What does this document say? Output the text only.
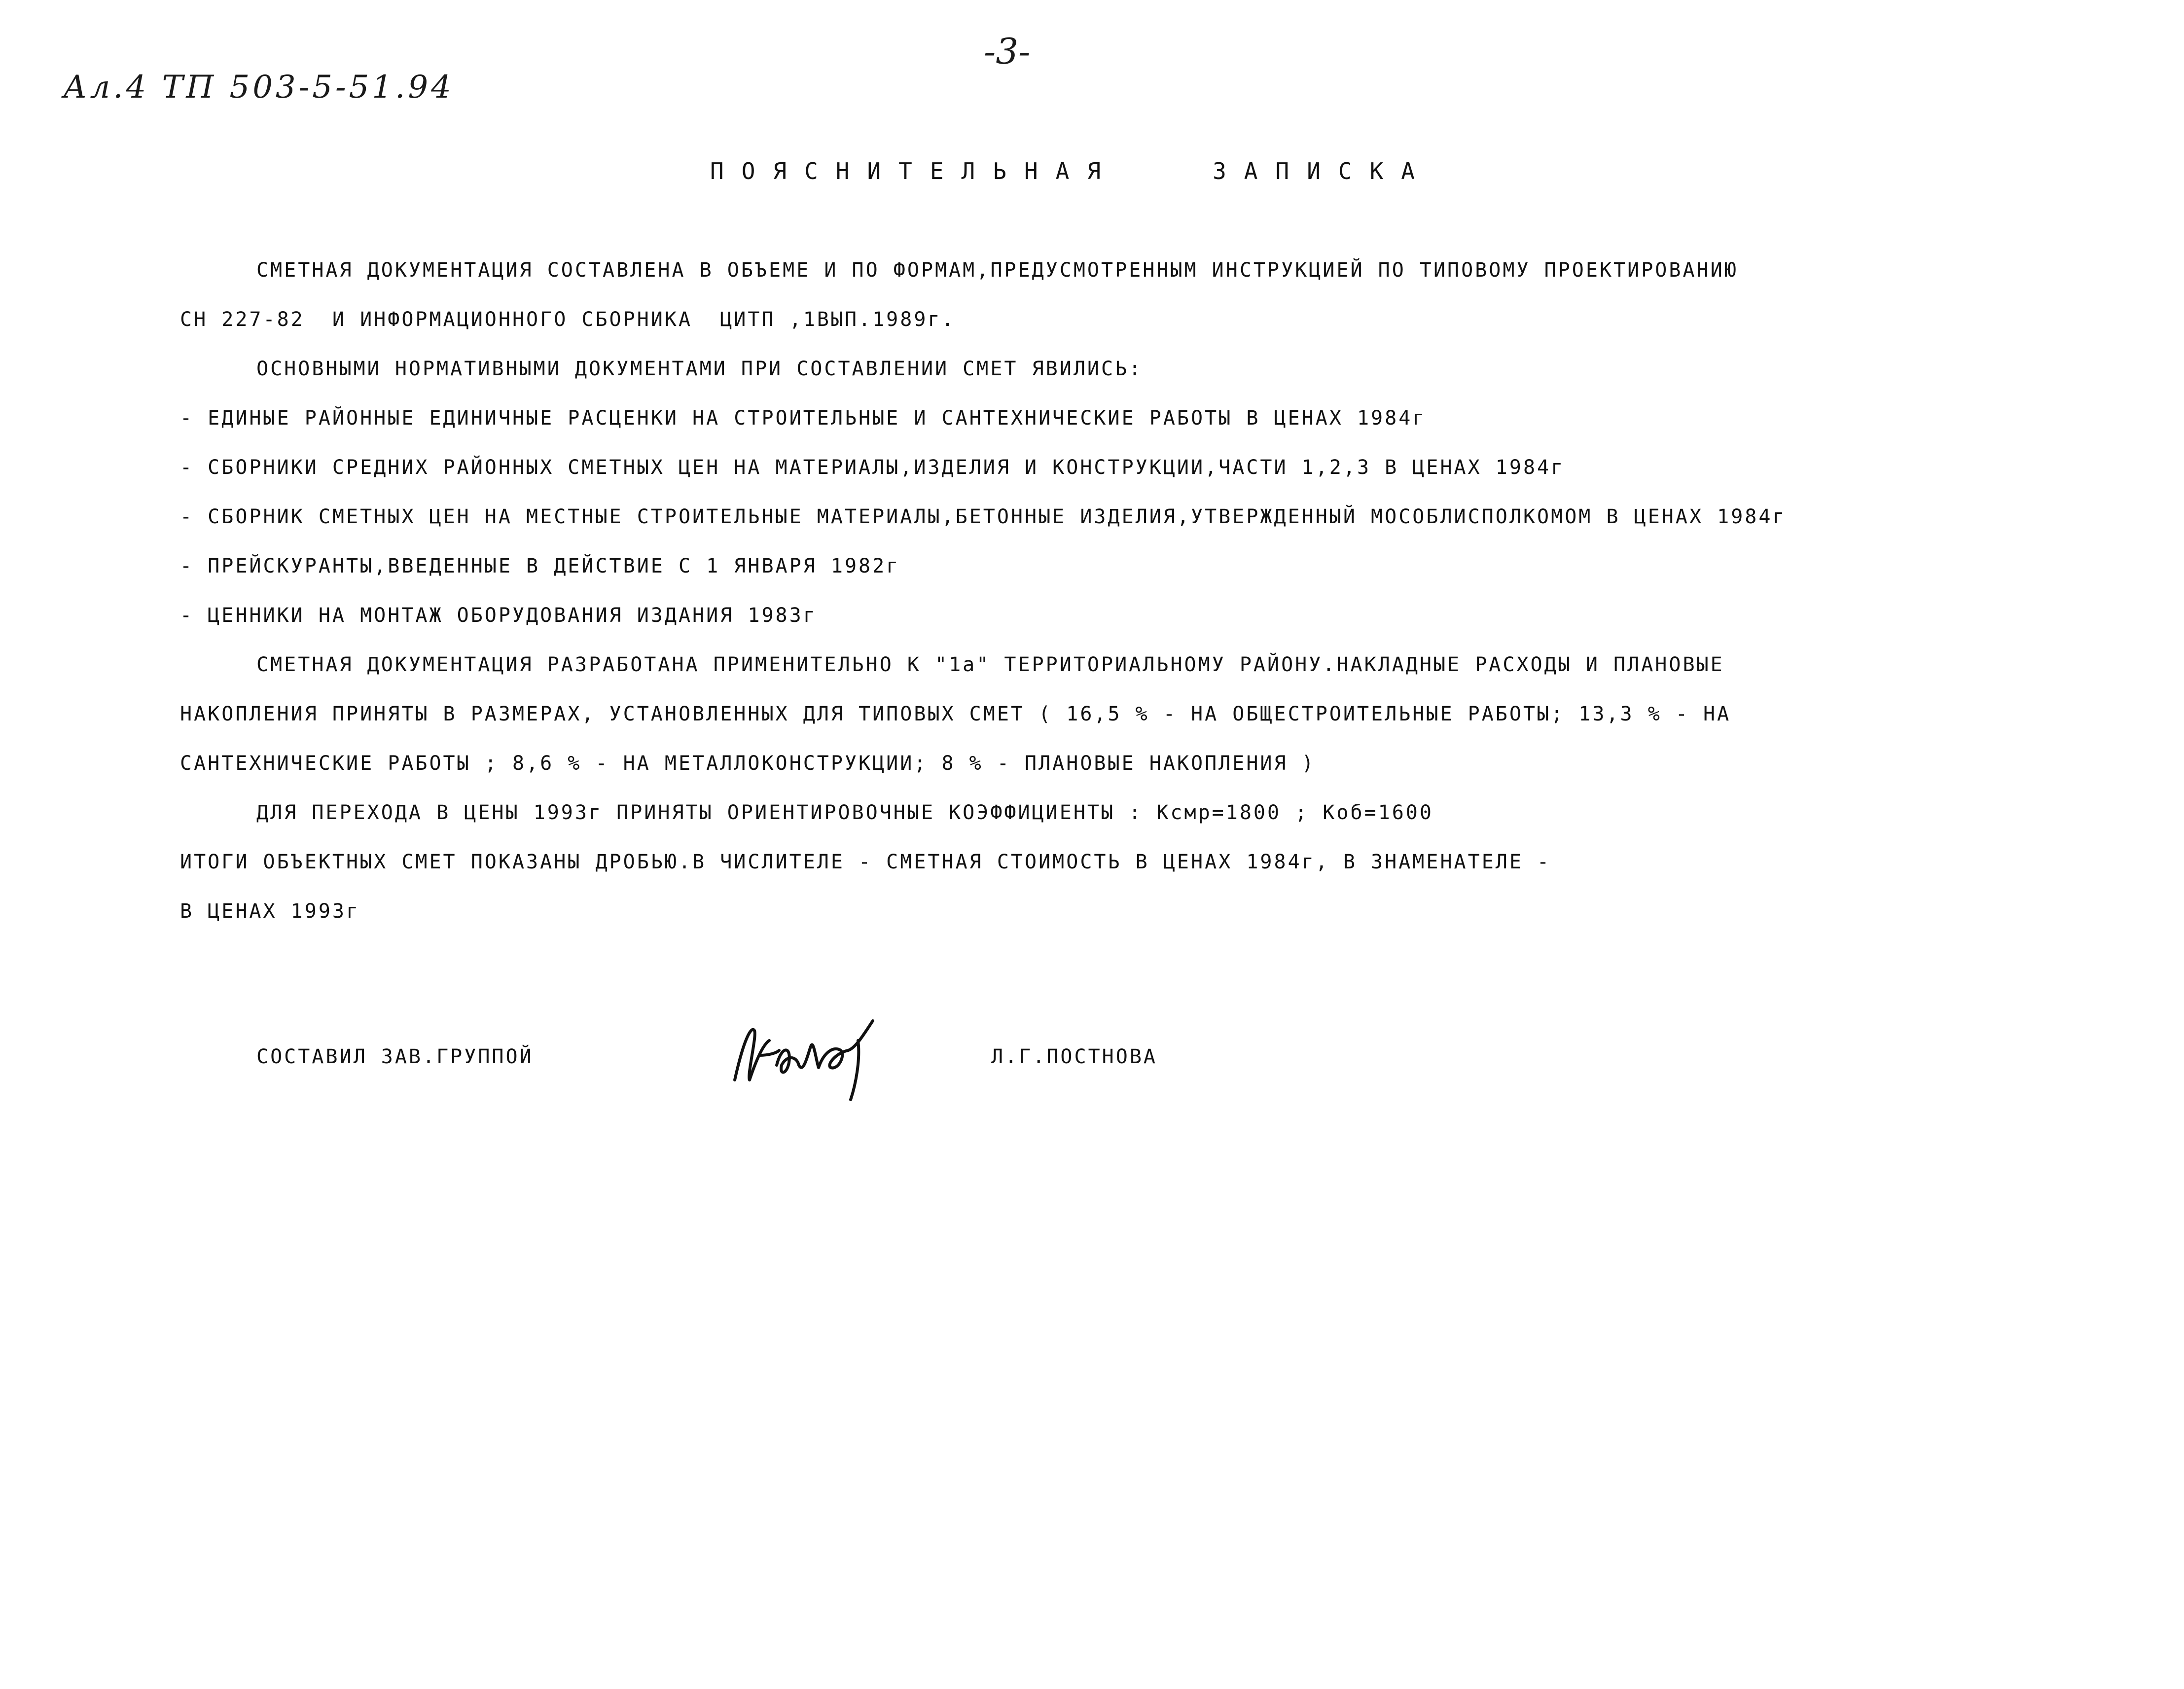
-3-
Ал.4 ТП 503-5-51.94
ПОЯСНИТЕЛЬНАЯ   ЗАПИСКА
СМЕТНАЯ ДОКУМЕНТАЦИЯ СОСТАВЛЕНА В ОБЪЕМЕ И ПО ФОРМАМ,ПРЕДУСМОТРЕННЫМ ИНСТРУКЦИЕЙ ПО ТИПОВОМУ ПРОЕКТИРОВАНИЮ
СН 227-82  И ИНФОРМАЦИОННОГО СБОРНИКА  ЦИТП ,1ВЫП.1989г.
ОСНОВНЫМИ НОРМАТИВНЫМИ ДОКУМЕНТАМИ ПРИ СОСТАВЛЕНИИ СМЕТ ЯВИЛИСЬ:
- ЕДИНЫЕ РАЙОННЫЕ ЕДИНИЧНЫЕ РАСЦЕНКИ НА СТРОИТЕЛЬНЫЕ И САНТЕХНИЧЕСКИЕ РАБОТЫ В ЦЕНАХ 1984г
- СБОРНИКИ СРЕДНИХ РАЙОННЫХ СМЕТНЫХ ЦЕН НА МАТЕРИАЛЫ,ИЗДЕЛИЯ И КОНСТРУКЦИИ,ЧАСТИ 1,2,3 В ЦЕНАХ 1984г
- СБОРНИК СМЕТНЫХ ЦЕН НА МЕСТНЫЕ СТРОИТЕЛЬНЫЕ МАТЕРИАЛЫ,БЕТОННЫЕ ИЗДЕЛИЯ,УТВЕРЖДЕННЫЙ МОСОБЛИСПОЛКОМОМ В ЦЕНАХ 1984г
- ПРЕЙСКУРАНТЫ,ВВЕДЕННЫЕ В ДЕЙСТВИЕ С 1 ЯНВАРЯ 1982г
- ЦЕННИКИ НА МОНТАЖ ОБОРУДОВАНИЯ ИЗДАНИЯ 1983г
СМЕТНАЯ ДОКУМЕНТАЦИЯ РАЗРАБОТАНА ПРИМЕНИТЕЛЬНО К "1а" ТЕРРИТОРИАЛЬНОМУ РАЙОНУ.НАКЛАДНЫЕ РАСХОДЫ И ПЛАНОВЫЕ
НАКОПЛЕНИЯ ПРИНЯТЫ В РАЗМЕРАХ, УСТАНОВЛЕННЫХ ДЛЯ ТИПОВЫХ СМЕТ ( 16,5 % - НА ОБЩЕСТРОИТЕЛЬНЫЕ РАБОТЫ; 13,3 % - НА
САНТЕХНИЧЕСКИЕ РАБОТЫ ; 8,6 % - НА МЕТАЛЛОКОНСТРУКЦИИ; 8 % - ПЛАНОВЫЕ НАКОПЛЕНИЯ )
ДЛЯ ПЕРЕХОДА В ЦЕНЫ 1993г ПРИНЯТЫ ОРИЕНТИРОВОЧНЫЕ КОЭФФИЦИЕНТЫ : Ксмр=1800 ; Коб=1600
ИТОГИ ОБЪЕКТНЫХ СМЕТ ПОКАЗАНЫ ДРОБЬЮ.В ЧИСЛИТЕЛЕ - СМЕТНАЯ СТОИМОСТЬ В ЦЕНАХ 1984г, В ЗНАМЕНАТЕЛЕ -
В ЦЕНАХ 1993г
СОСТАВИЛ ЗАВ.ГРУППОЙ	Л.Г.ПОСТНОВА
